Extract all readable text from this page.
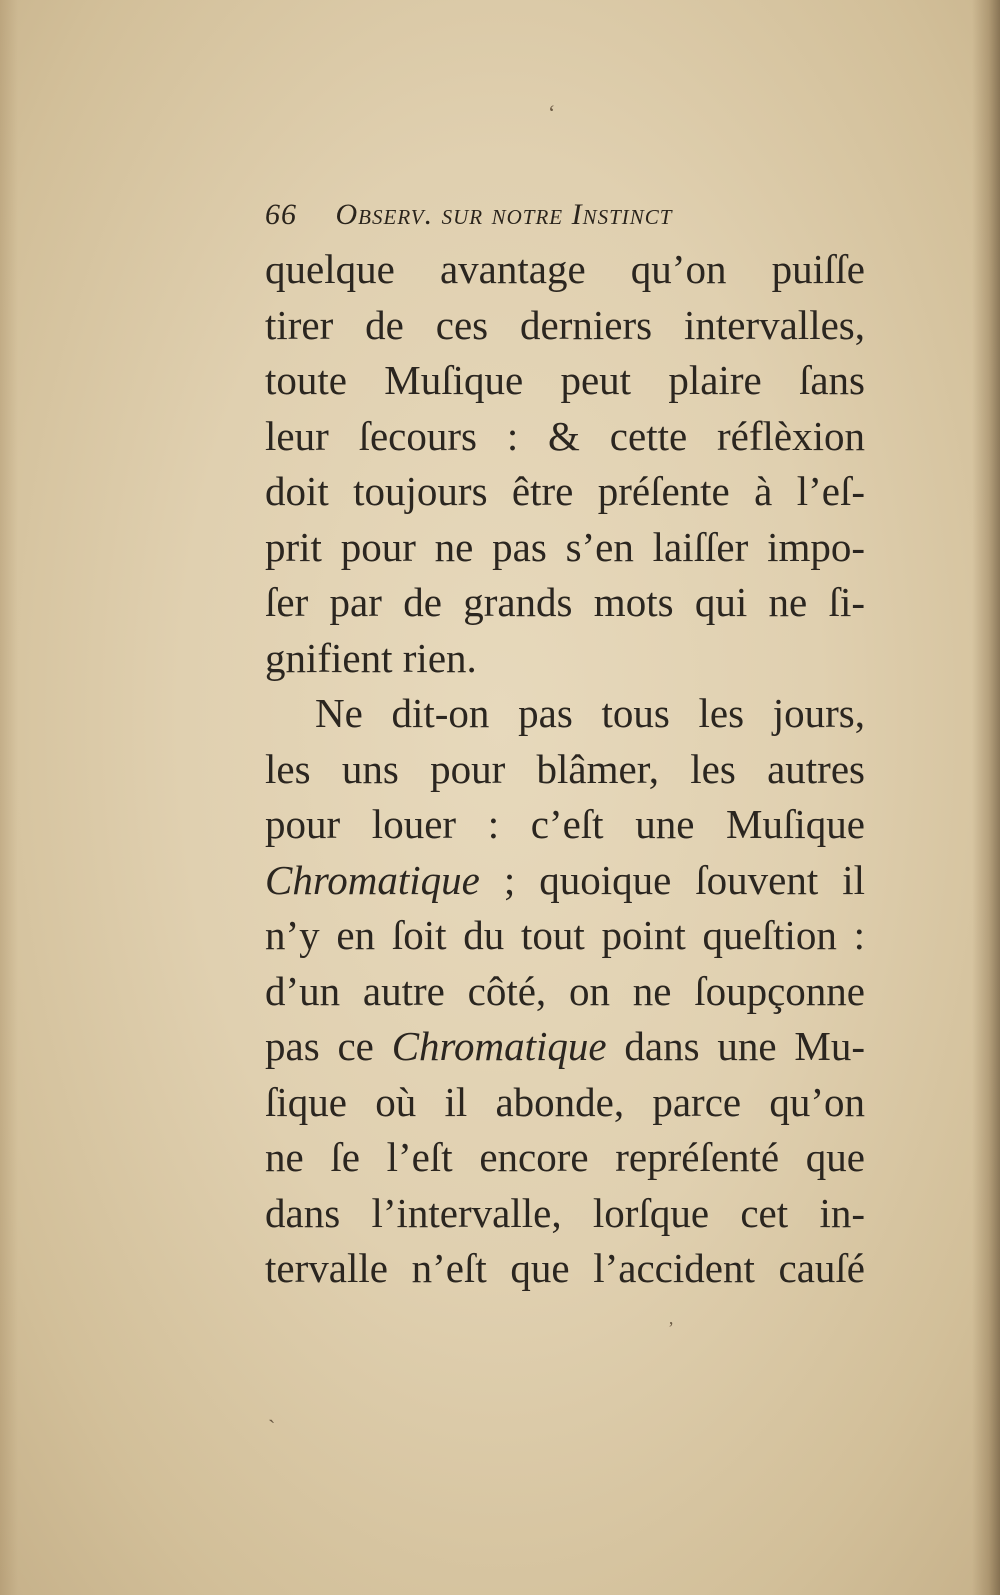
ʻ
66 Observ. sur notre Instinct
quelque avantage qu’on puiſſe
tirer de ces derniers intervalles,
toute Muſique peut plaire ſans
leur ſecours : & cette réflèxion
doit toujours être préſente à l’eſ-
prit pour ne pas s’en laiſſer impo-
ſer par de grands mots qui ne ſi-
gnifient rien.
Ne dit-on pas tous les jours,
les uns pour blâmer, les autres
pour louer : c’eſt une Muſique
Chromatique ; quoique ſouvent il
n’y en ſoit du tout point queſtion :
d’un autre côté, on ne ſoupçonne
pas ce Chromatique dans une Mu-
ſique où il abonde, parce qu’on
ne ſe l’eſt encore repréſenté que
dans l’intervalle, lorſque cet in-
tervalle n’eſt que l’accident cauſé
ʼ
ˎ
